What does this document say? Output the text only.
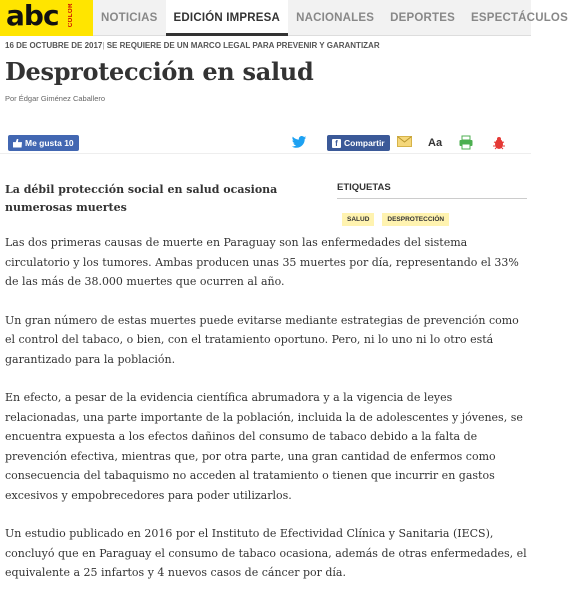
abc COLOR	NOTICIAS	EDICIÓN IMPRESA	NACIONALES	DEPORTES	ESPECTÁCULOS
16 DE OCTUBRE DE 2017| SE REQUIERE DE UN MARCO LEGAL PARA PREVENIR Y GARANTIZAR
Desprotección en salud
Por Édgar Giménez Caballero
Me gusta 10	f Compartir	Aa
La débil protección social en salud ocasiona numerosas muertes
ETIQUETAS
SALUD	DESPROTECCIÓN

Las dos primeras causas de muerte en Paraguay son las enfermedades del sistema circulatorio y los tumores. Ambas producen unas 35 muertes por día, representando el 33% de las más de 38.000 muertes que ocurren al año.

Un gran número de estas muertes puede evitarse mediante estrategias de prevención como el control del tabaco, o bien, con el tratamiento oportuno. Pero, ni lo uno ni lo otro está garantizado para la población.

En efecto, a pesar de la evidencia científica abrumadora y a la vigencia de leyes relacionadas, una parte importante de la población, incluida la de adolescentes y jóvenes, se encuentra expuesta a los efectos dañinos del consumo de tabaco debido a la falta de prevención efectiva, mientras que, por otra parte, una gran cantidad de enfermos como consecuencia del tabaquismo no acceden al tratamiento o tienen que incurrir en gastos excesivos y empobrecedores para poder utilizarlos.

Un estudio publicado en 2016 por el Instituto de Efectividad Clínica y Sanitaria (IECS), concluyó que en Paraguay el consumo de tabaco ocasiona, además de otras enfermedades, el equivalente a 25 infartos y 4 nuevos casos de cáncer por día.
